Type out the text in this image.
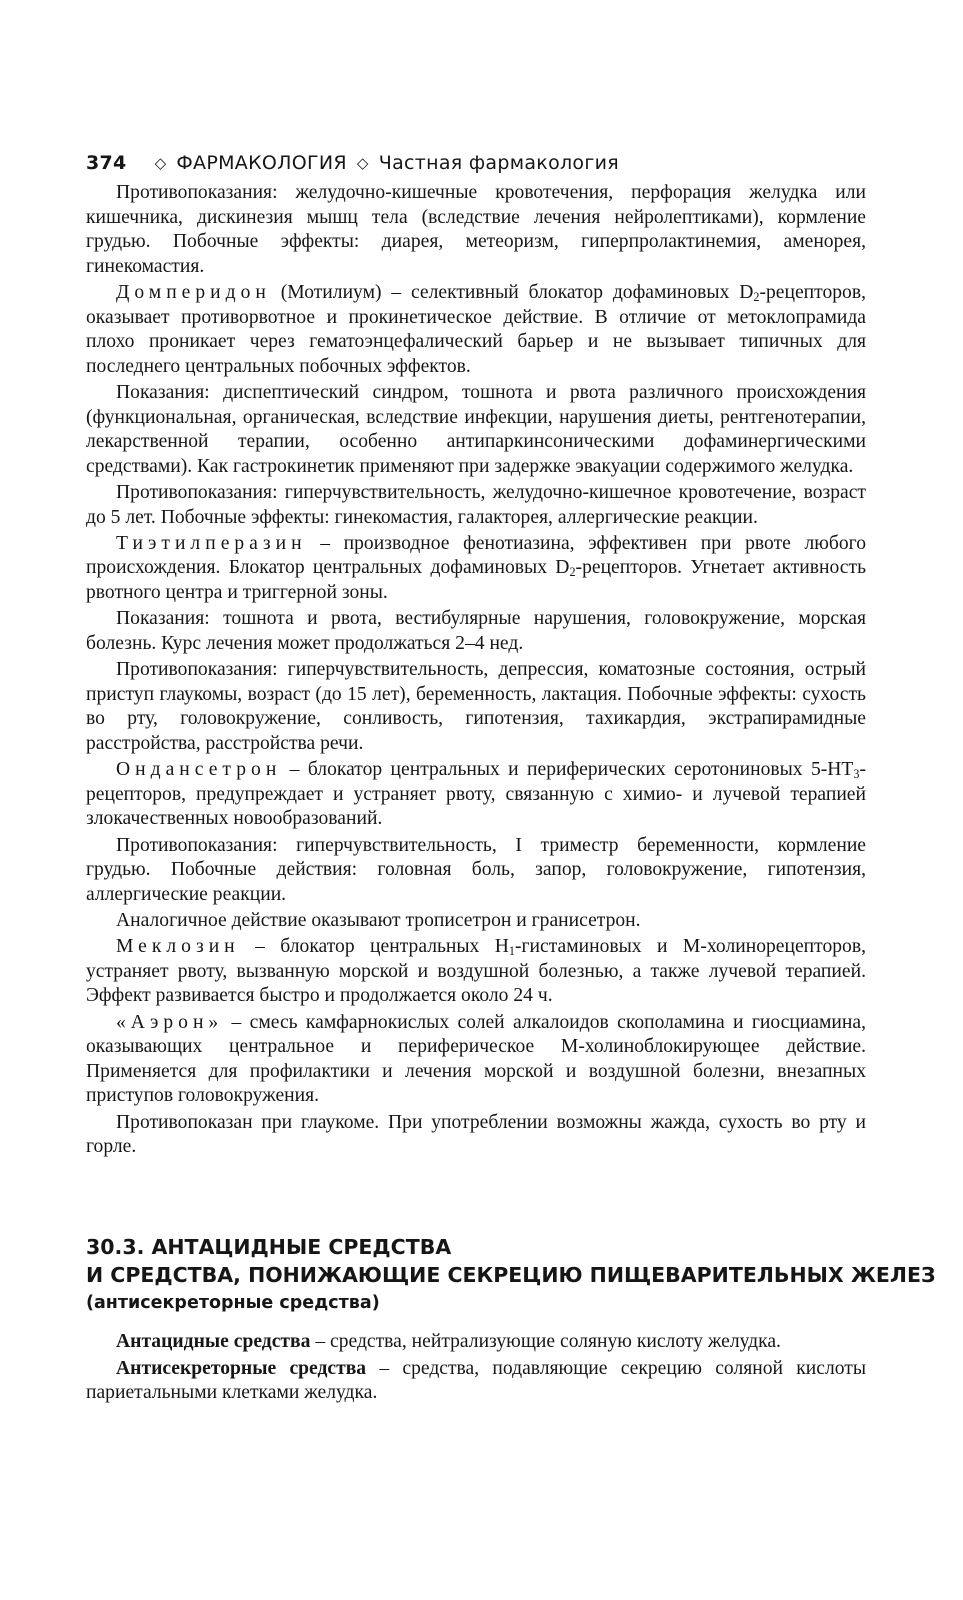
374 ◇ ФАРМАКОЛОГИЯ ◇ Частная фармакология

Противопоказания: желудочно-кишечные кровотечения, перфорация желудка или кишечника, дискинезия мышц тела (вследствие лечения нейролептиками), кормление грудью. Побочные эффекты: диарея, метеоризм, гиперпролактинемия, аменорея, гинекомастия.

Домперидон (Мотилиум) – селективный блокатор дофаминовых $D_2$-рецепторов, оказывает противорвотное и прокинетическое действие. В отличие от метоклопрамида плохо проникает через гематоэнцефалический барьер и не вызывает типичных для последнего центральных побочных эффектов.

Показания: диспептический синдром, тошнота и рвота различного происхождения (функциональная, органическая, вследствие инфекции, нарушения диеты, рентгенотерапии, лекарственной терапии, особенно антипаркинсоническими дофаминергическими средствами). Как гастрокинетик применяют при задержке эвакуации содержимого желудка.

Противопоказания: гиперчувствительность, желудочно-кишечное кровотечение, возраст до 5 лет. Побочные эффекты: гинекомастия, галакторея, аллергические реакции.

Тиэтилперазин – производное фенотиазина, эффективен при рвоте любого происхождения. Блокатор центральных дофаминовых $D_2$-рецепторов. Угнетает активность рвотного центра и триггерной зоны.

Показания: тошнота и рвота, вестибулярные нарушения, головокружение, морская болезнь. Курс лечения может продолжаться 2–4 нед.

Противопоказания: гиперчувствительность, депрессия, коматозные состояния, острый приступ глаукомы, возраст (до 15 лет), беременность, лактация. Побочные эффекты: сухость во рту, головокружение, сонливость, гипотензия, тахикардия, экстрапирамидные расстройства, расстройства речи.

Ондансетрон – блокатор центральных и периферических серотониновых $5-HT_3$-рецепторов, предупреждает и устраняет рвоту, связанную с химио- и лучевой терапией злокачественных новообразований.

Противопоказания: гиперчувствительность, I триместр беременности, кормление грудью. Побочные действия: головная боль, запор, головокружение, гипотензия, аллергические реакции.

Аналогичное действие оказывают трописетрон и гранисетрон.

Меклозин – блокатор центральных $H_1$-гистаминовых и М-холинорецепторов, устраняет рвоту, вызванную морской и воздушной болезнью, а также лучевой терапией. Эффект развивается быстро и продолжается около 24 ч.

«Аэрон» – смесь камфарнокислых солей алкалоидов скополамина и гиосциамина, оказывающих центральное и периферическое М-холиноблокирующее действие. Применяется для профилактики и лечения морской и воздушной болезни, внезапных приступов головокружения.

Противопоказан при глаукоме. При употреблении возможны жажда, сухость во рту и горле.

30.3. АНТАЦИДНЫЕ СРЕДСТВА
И СРЕДСТВА, ПОНИЖАЮЩИЕ СЕКРЕЦИЮ ПИЩЕВАРИТЕЛЬНЫХ ЖЕЛЕЗ
(антисекреторные средства)

Антацидные средства – средства, нейтрализующие соляную кислоту желудка.

Антисекреторные средства – средства, подавляющие секрецию соляной кислоты париетальными клетками желудка.
